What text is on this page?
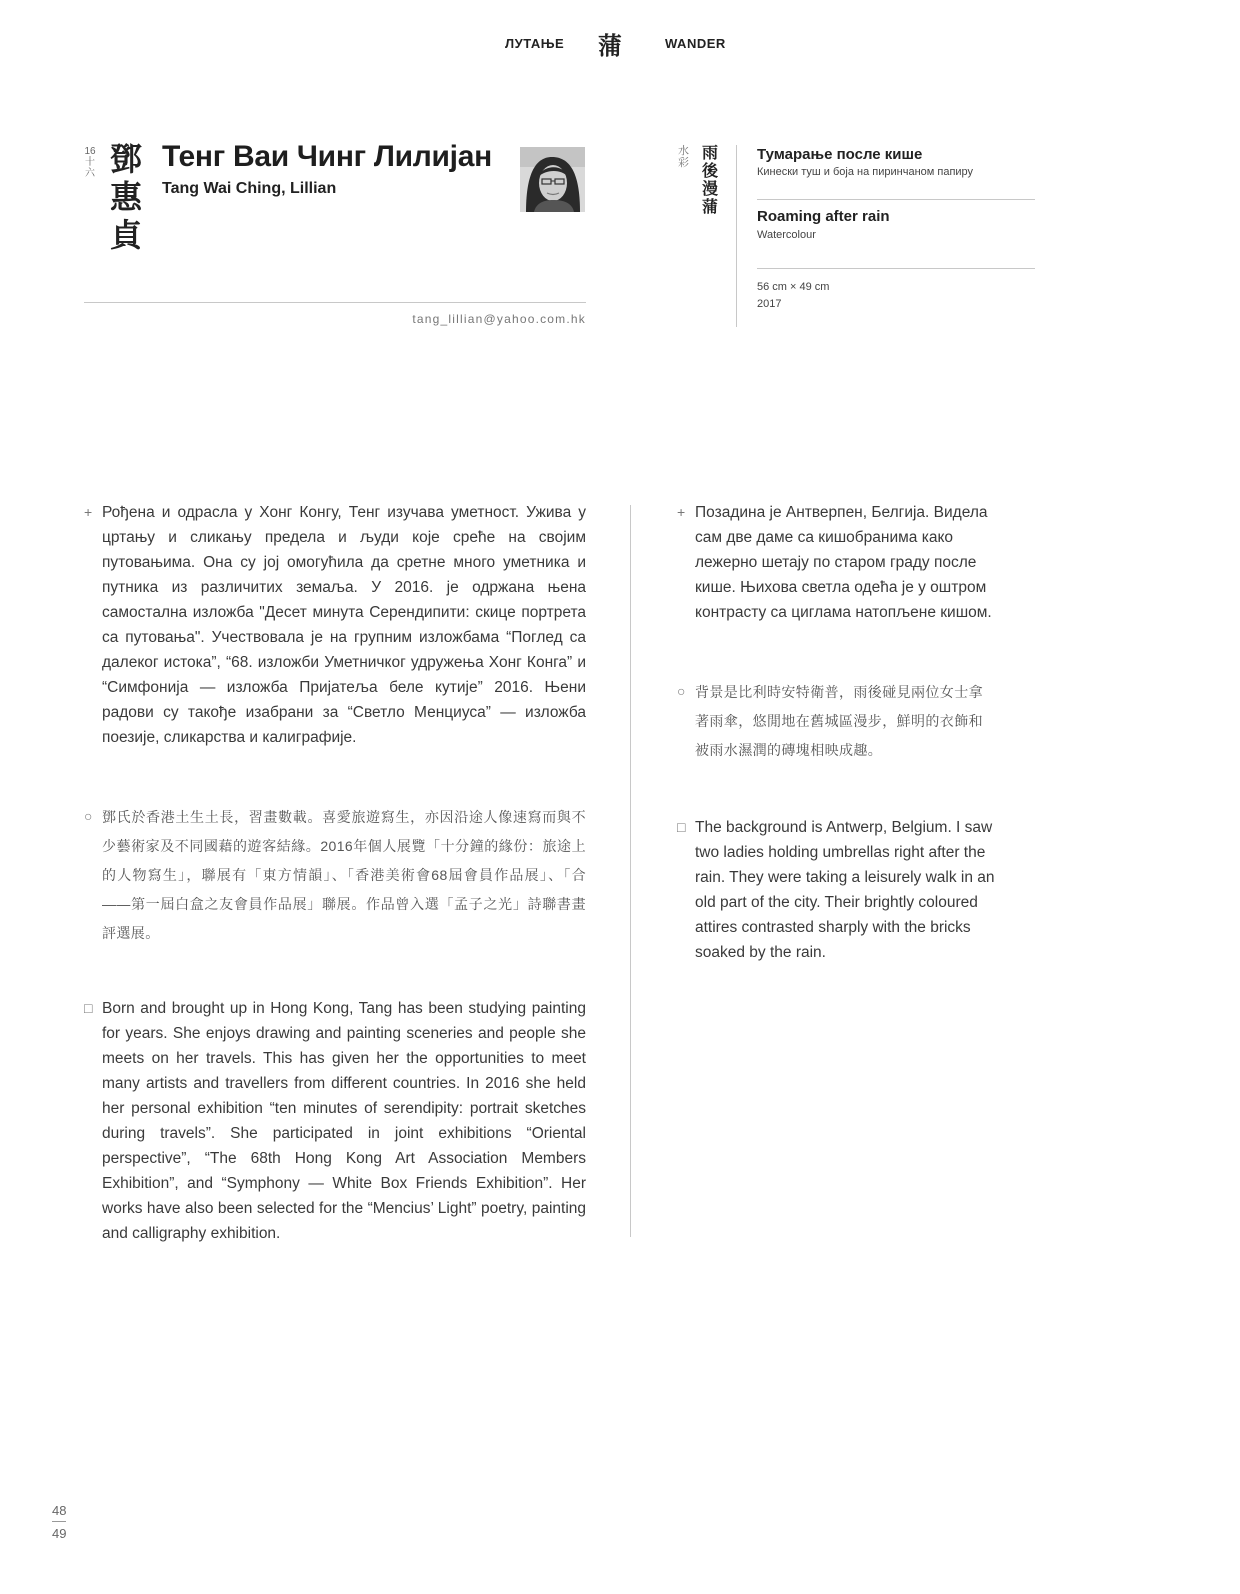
ЛУТАЊЕ 蒲	WANDER
16
十
六 鄧
惠
貞
Тенг Ваи Чинг Лилијан
Tang Wai Ching, Lillian
tang_lillian@yahoo.com.hk
水
彩
雨
後
漫
蒲
Тумарање после кише
Кинески туш и боја на пиринчаном папиру
Roaming after rain
Watercolour
56 cm × 49 cm
2017
+ Рођена и одрасла у Хонг Конгу, Тенг изучава уметност. Ужива у цртању и сликању предела и људи које среће на својим путовањима. Она су јој омогућила да сретне много уметника и путника из различитих земаља. У 2016. је одржана њена самостална изложба "Десет минута Серендипити: скице портрета са путовања". Учествовала је на групним изложбама “Поглед са далеког истока”, “68. изложби Уметничког удружења Хонг Конга” и “Симфонија — изложба Пријатеља беле кутије” 2016. Њени радови су такође изабрани за “Светло Менциуса” — изложба поезије, сликарства и калиграфије.
○ 鄧氏於香港土生土長，習畫數載。喜愛旅遊寫生，亦因沿途人像速寫而與不少藝術家及不同國藉的遊客結緣。2016年個人展覽「十分鐘的緣份：旅途上的人物寫生」，聯展有「東方情韻」、「香港美術會68屆會員作品展」、「合——第一屆白盒之友會員作品展」聯展。作品曾入選「孟子之光」詩聯書畫評選展。
□ Born and brought up in Hong Kong, Tang has been studying painting for years. She enjoys drawing and painting sceneries and people she meets on her travels. This has given her the opportunities to meet many artists and travellers from different countries. In 2016 she held her personal exhibition “ten minutes of serendipity: portrait sketches during travels”. She participated in joint exhibitions “Oriental perspective”, “The 68th Hong Kong Art Association Members Exhibition”, and “Symphony — White Box Friends Exhibition”. Her works have also been selected for the “Mencius’ Light” poetry, painting and calligraphy exhibition.
+ Позадина је Антверпен, Белгија. Видела сам две даме са кишобранима како лежерно шетају по старом граду после кише. Њихова светла одећа је у оштром контрасту са циглама натопљене кишом.
○ 背景是比利時安特衛普，雨後碰見兩位女士拿著雨傘，悠閒地在舊城區漫步，鮮明的衣飾和被雨水濕潤的磚塊相映成趣。
□ The background is Antwerp, Belgium. I saw two ladies holding umbrellas right after the rain. They were taking a leisurely walk in an old part of the city. Their brightly coloured attires contrasted sharply with the bricks soaked by the rain.
48
49
